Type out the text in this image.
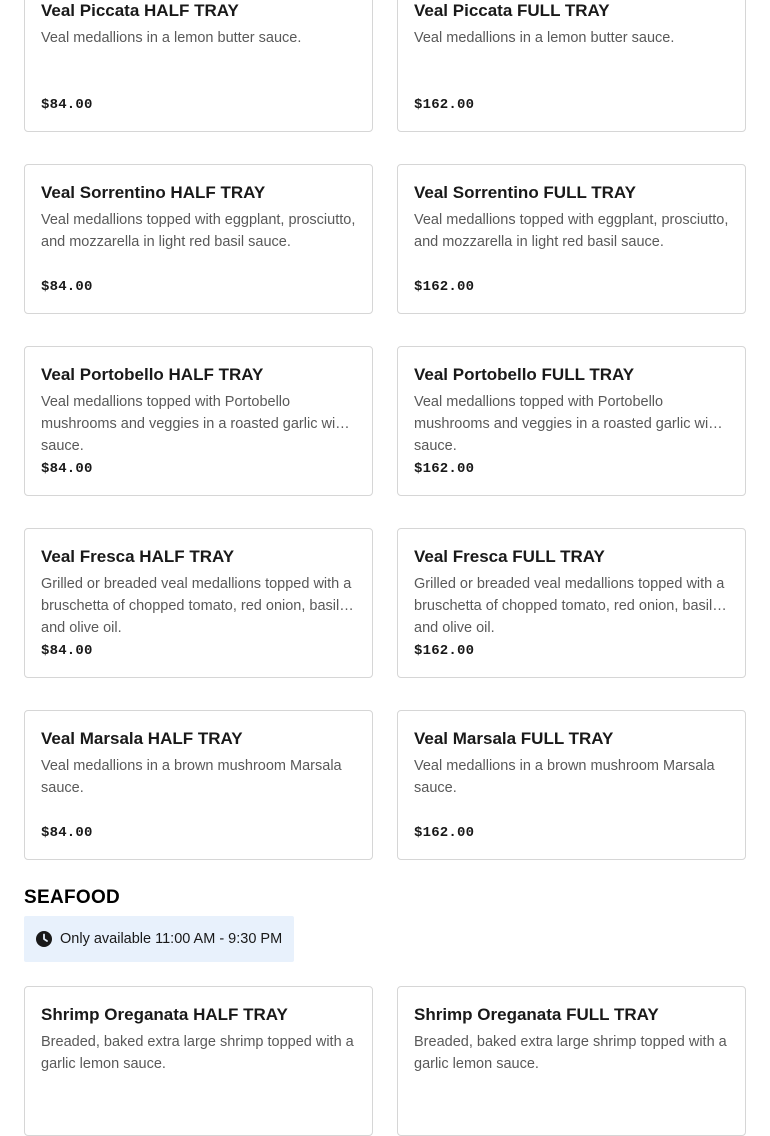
Veal Piccata HALF TRAY
Veal medallions in a lemon butter sauce.
$84.00
Veal Piccata FULL TRAY
Veal medallions in a lemon butter sauce.
$162.00
Veal Sorrentino HALF TRAY
Veal medallions topped with eggplant, prosciutto, and mozzarella in light red basil sauce.
$84.00
Veal Sorrentino FULL TRAY
Veal medallions topped with eggplant, prosciutto, and mozzarella in light red basil sauce.
$162.00
Veal Portobello HALF TRAY
Veal medallions topped with Portobello mushrooms and veggies in a roasted garlic wine sauce.
$84.00
Veal Portobello FULL TRAY
Veal medallions topped with Portobello mushrooms and veggies in a roasted garlic wine sauce.
$162.00
Veal Fresca HALF TRAY
Grilled or breaded veal medallions topped with a bruschetta of chopped tomato, red onion, basil and olive oil.
$84.00
Veal Fresca FULL TRAY
Grilled or breaded veal medallions topped with a bruschetta of chopped tomato, red onion, basil and olive oil.
$162.00
Veal Marsala HALF TRAY
Veal medallions in a brown mushroom Marsala sauce.
$84.00
Veal Marsala FULL TRAY
Veal medallions in a brown mushroom Marsala sauce.
$162.00
SEAFOOD
Only available 11:00 AM - 9:30 PM
Shrimp Oreganata HALF TRAY
Breaded, baked extra large shrimp topped with a garlic lemon sauce.
Shrimp Oreganata FULL TRAY
Breaded, baked extra large shrimp topped with a garlic lemon sauce.
